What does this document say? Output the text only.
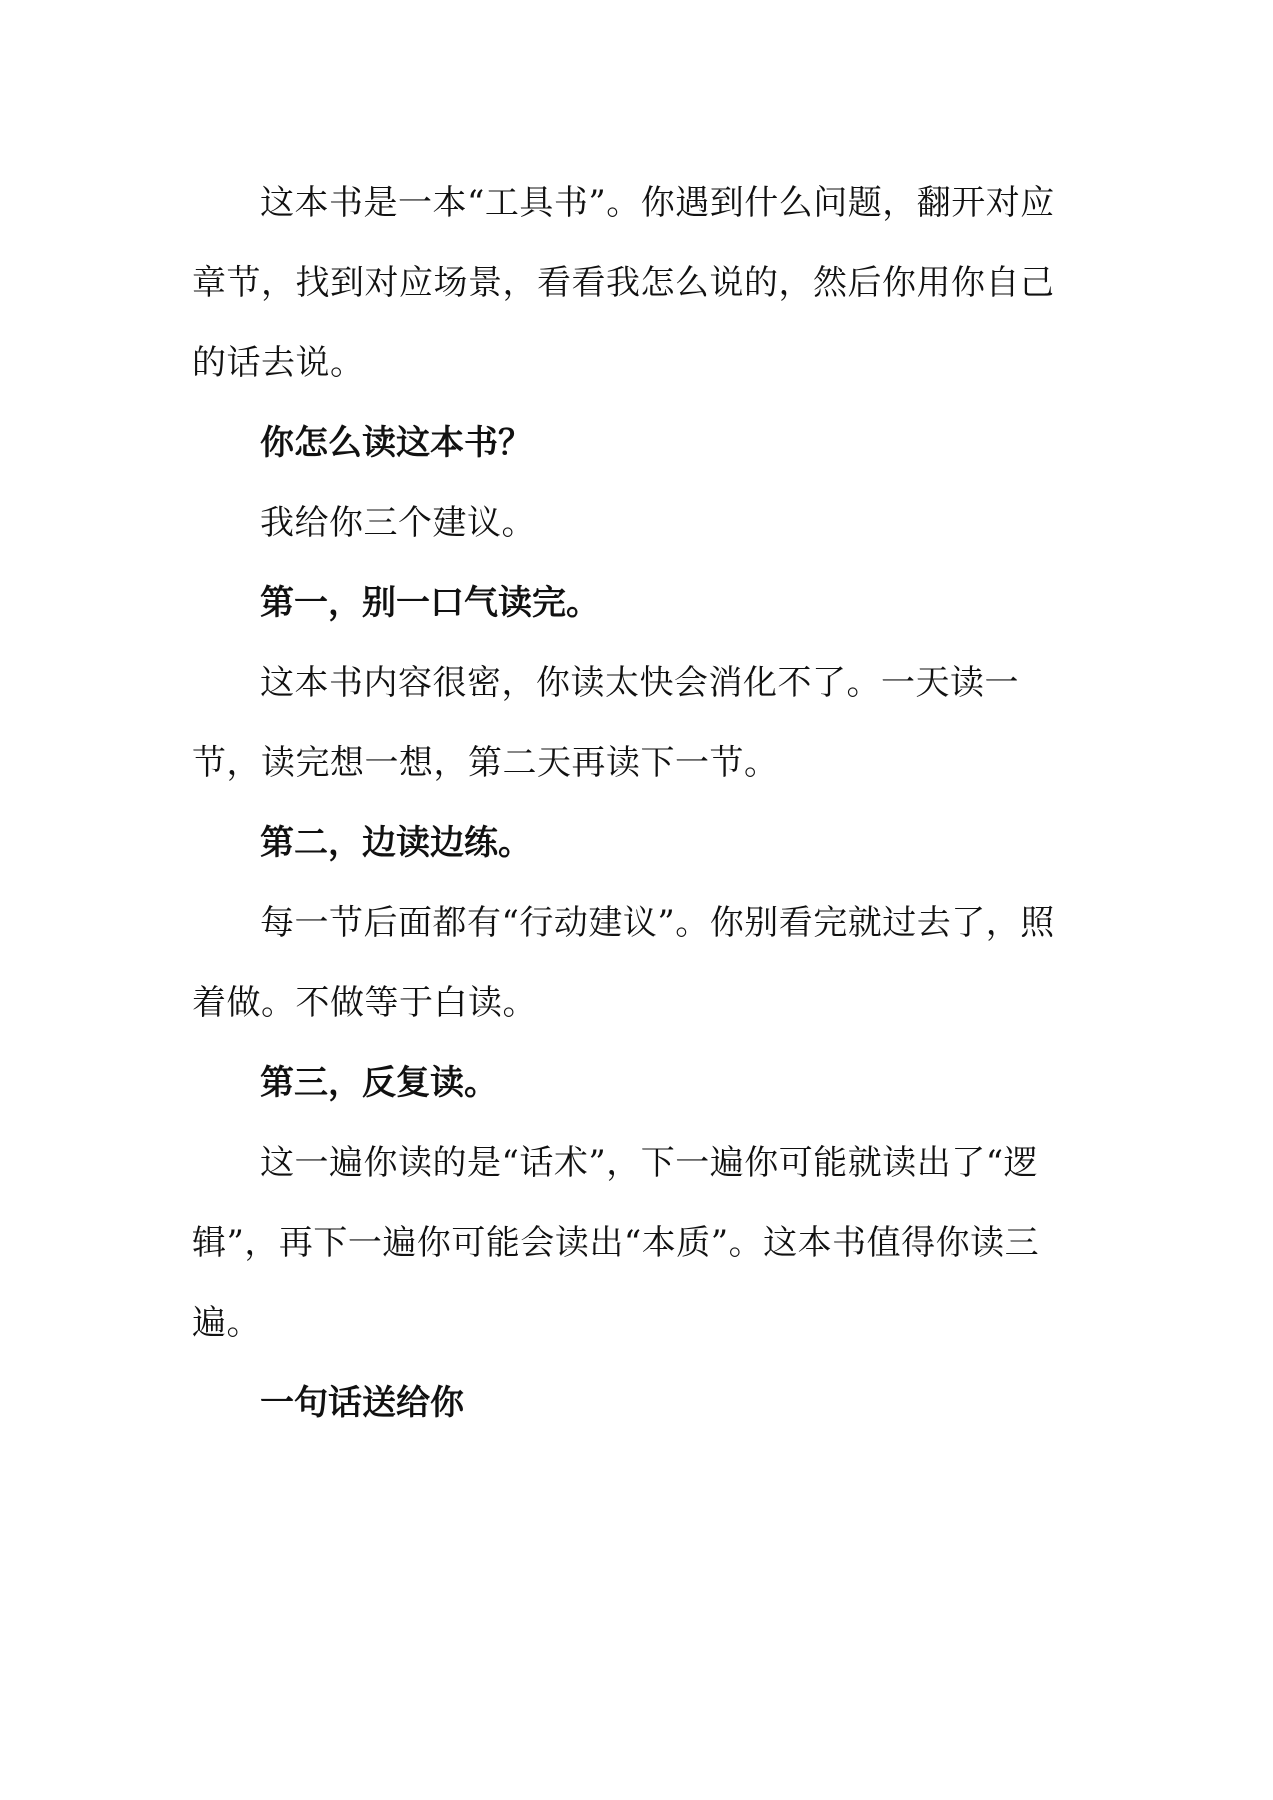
这本书是一本“工具书”。你遇到什么问题，翻开对应章节，找到对应场景，看看我怎么说的，然后你用你自己的话去说。

你怎么读这本书？

我给你三个建议。

第一，别一口气读完。

这本书内容很密，你读太快会消化不了。一天读一节，读完想一想，第二天再读下一节。

第二，边读边练。

每一节后面都有“行动建议”。你别看完就过去了，照着做。不做等于白读。

第三，反复读。

这一遍你读的是“话术”，下一遍你可能就读出了“逻辑”，再下一遍你可能会读出“本质”。这本书值得你读三遍。

一句话送给你
